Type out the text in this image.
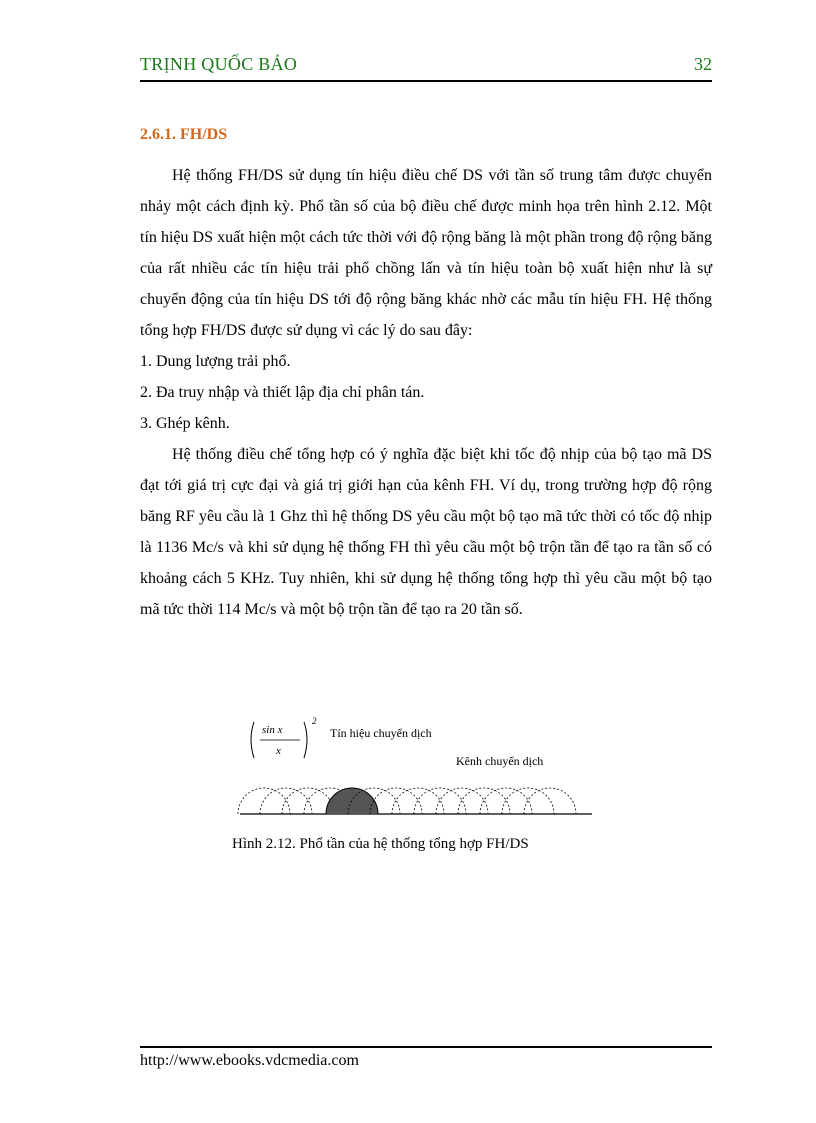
TRỊNH QUỐC BẢO	32
2.6.1. FH/DS

Hệ thống FH/DS sử dụng tín hiệu điều chế DS với tần số trung tâm được chuyển nhảy một cách định kỳ. Phổ tần số của bộ điều chế được minh họa trên hình 2.12. Một tín hiệu DS xuất hiện một cách tức thời với độ rộng băng là một phần trong độ rộng băng của rất nhiều các tín hiệu trải phổ chồng lấn và tín hiệu toàn bộ xuất hiện như là sự chuyển động của tín hiệu DS tới độ rộng băng khác nhờ các mẫu tín hiệu FH. Hệ thống tổng hợp FH/DS được sử dụng vì các lý do sau đây:

1. Dung lượng trải phổ.

2. Đa truy nhập và thiết lập địa chỉ phân tán.

3. Ghép kênh.

Hệ thống điều chế tổng hợp có ý nghĩa đặc biệt khi tốc độ nhịp của bộ tạo mã DS đạt tới giá trị cực đại và giá trị giới hạn của kênh FH. Ví dụ, trong trường hợp độ rộng băng RF yêu cầu là 1 Ghz thì hệ thống DS yêu cầu một bộ tạo mã tức thời có tốc độ nhịp là 1136 Mc/s và khi sử dụng hệ thống FH thì yêu cầu một bộ trộn tần để tạo ra tần số có khoảng cách 5 KHz. Tuy nhiên, khi sử dụng hệ thống tổng hợp thì yêu cầu một bộ tạo mã tức thời 114 Mc/s và một bộ trộn tần để tạo ra 20 tần số.

sin x
x
2
Tín hiệu chuyển dịch
Kênh chuyển dịch
Hình 2.12. Phổ tần của hệ thống tổng hợp FH/DS
http://www.ebooks.vdcmedia.com
